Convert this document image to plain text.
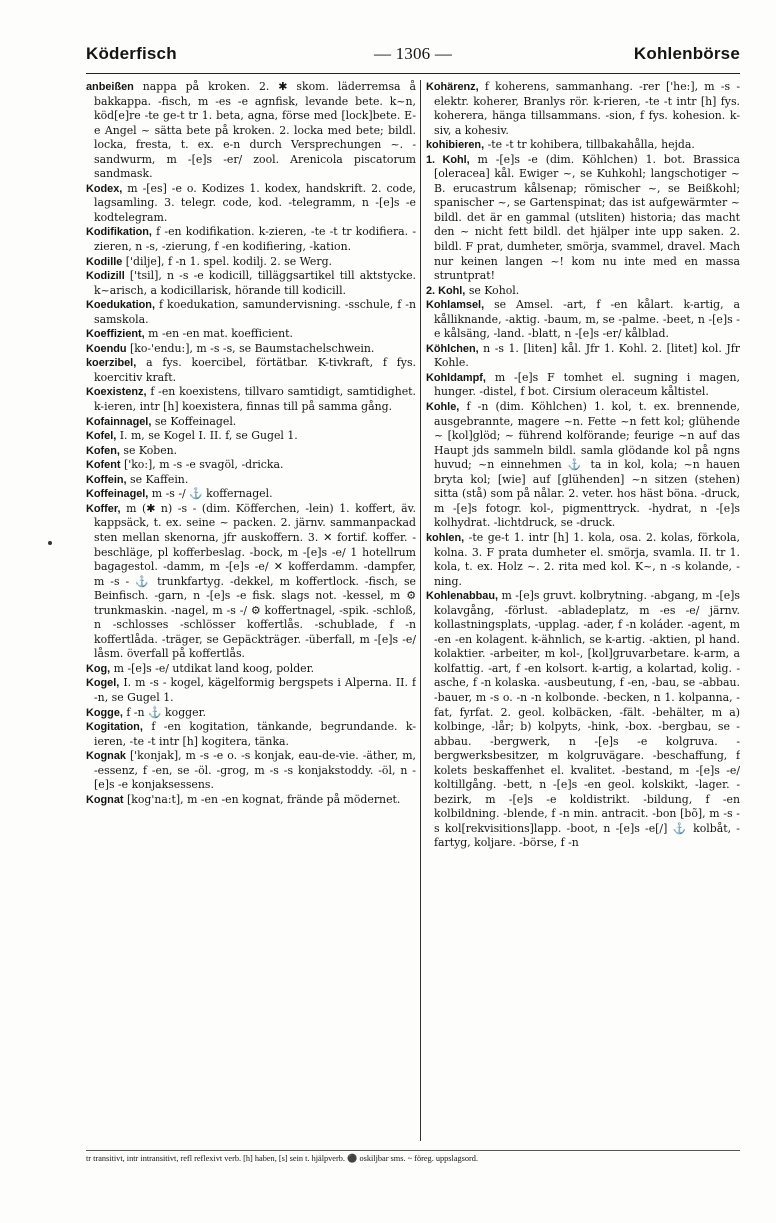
— 1306 —
Köderfisch	Kohlenbörse

anbeißen nappa på kroken. 2. ✱ skom. läderremsa å bakkappa. -fisch, m -es -e agnfisk, levande bete. k~n, köd[e]re -te ge-t tr 1. beta, agna, förse med [lock]bete. E-e Angel ~ sätta bete på kroken. 2. locka med bete; bildl. locka, fresta, t. ex. e-n durch Versprechungen ~. -sandwurm, m -[e]s -er/ zool. Arenicola piscatorum sandmask.

Kodex, m -[es] -e o. Kodizes 1. kodex, handskrift. 2. code, lagsamling. 3. telegr. code, kod. -telegramm, n -[e]s -e kodtelegram.

Kodifikation, f -en kodifikation. k-zieren, -te -t tr kodifiera. -zieren, n -s, -zierung, f -en kodifiering, -kation.

Kodille ['dilje], f -n 1. spel. kodilj. 2. se Werg.

Kodizill ['tsil], n -s -e kodicill, tilläggsartikel till aktstycke. k~arisch, a kodicillarisk, hörande till kodicill.

Koedukation, f koedukation, samundervisning. -sschule, f -n samskola.

Koeffizient, m -en -en mat. koefficient.

Koendu [ko-'endu:], m -s -s, se Baumstachelschwein.

koerzibel, a fys. koercibel, förtätbar. K-tivkraft, f fys. koercitiv kraft.

Koexistenz, f -en koexistens, tillvaro samtidigt, samtidighet. k-ieren, intr [h] koexistera, finnas till på samma gång.

Kofainnagel, se Koffeinagel.

Kofel, I. m, se Kogel I. II. f, se Gugel 1.

Kofen, se Koben.

Kofent ['ko:], m -s -e svagöl, -dricka.

Koffein, se Kaffein.

Koffeinagel, m -s -/ ⚓ koffernagel.

Koffer, m (✱ n) -s - (dim. Köfferchen, -lein) 1. koffert, äv. kappsäck, t. ex. seine ~ packen. 2. järnv. sammanpackad sten mellan skenorna, jfr auskoffern. 3. ✕ fortif. koffer. -beschläge, pl kofferbeslag. -bock, m -[e]s -e/ 1 hotellrum bagagestol. -damm, m -[e]s -e/ ✕ kofferdamm. -dampfer, m -s - ⚓ trunkfartyg. -dekkel, m koffertlock. -fisch, se Beinfisch. -garn, n -[e]s -e fisk. slags not. -kessel, m ⚙ trunkmaskin. -nagel, m -s -/ ⚙ koffertnagel, -spik. -schloß, n -schlosses -schlösser koffertlås. -schublade, f -n koffertlåda. -träger, se Gepäckträger. -überfall, m -[e]s -e/ låsm. överfall på koffertlås.

Kog, m -[e]s -e/ utdikat land koog, polder.

Kogel, I. m -s - kogel, kägelformig bergspets i Alperna. II. f -n, se Gugel 1.

Kogge, f -n ⚓ kogger.

Kogitation, f -en kogitation, tänkande, begrundande. k-ieren, -te -t intr [h] kogitera, tänka.

Kognak ['konjak], m -s -e o. -s konjak, eau-de-vie. -äther, m, -essenz, f -en, se -öl. -grog, m -s -s konjakstoddy. -öl, n -[e]s -e konjaksessens.

Kognat [kog'na:t], m -en -en kognat, frände på mödernet.

Kohärenz, f koherens, sammanhang. -rer ['he:], m -s - elektr. koherer, Branlys rör. k-rieren, -te -t intr [h] fys. koherera, hänga tillsammans. -sion, f fys. kohesion. k-siv, a kohesiv.

kohibieren, -te -t tr kohibera, tillbakahålla, hejda.

1. Kohl, m -[e]s -e (dim. Köhlchen) 1. bot. Brassica [oleracea] kål. Ewiger ~, se Kuhkohl; langschotiger ~ B. erucastrum kålsenap; römischer ~, se Beißkohl; spanischer ~, se Gartenspinat; das ist aufgewärmter ~ bildl. det är en gammal (utsliten) historia; das macht den ~ nicht fett bildl. det hjälper inte upp saken. 2. bildl. F prat, dumheter, smörja, svammel, dravel. Mach nur keinen langen ~! kom nu inte med en massa struntprat!

2. Kohl, se Kohol.

Kohlamsel, se Amsel. -art, f -en kålart. k-artig, a kålliknande, -aktig. -baum, m, se -palme. -beet, n -[e]s -e kålsäng, -land. -blatt, n -[e]s -er/ kålblad.

Köhlchen, n -s 1. [liten] kål. Jfr 1. Kohl. 2. [litet] kol. Jfr Kohle.

Kohldampf, m -[e]s F tomhet el. sugning i magen, hunger. -distel, f bot. Cirsium oleraceum kåltistel.

Kohle, f -n (dim. Köhlchen) 1. kol, t. ex. brennende, ausgebrannte, magere ~n. Fette ~n fett kol; glühende ~ [kol]glöd; ~ führend kolförande; feurige ~n auf das Haupt jds sammeln bildl. samla glödande kol på ngns huvud; ~n einnehmen ⚓ ta in kol, kola; ~n hauen bryta kol; [wie] auf [glühenden] ~n sitzen (stehen) sitta (stå) som på nålar. 2. veter. hos häst böna. -druck, m -[e]s fotogr. kol-, pigmenttryck. -hydrat, n -[e]s kolhydrat. -lichtdruck, se -druck.

kohlen, -te ge-t 1. intr [h] 1. kola, osa. 2. kolas, förkola, kolna. 3. F prata dumheter el. smörja, svamla. II. tr 1. kola, t. ex. Holz ~. 2. rita med kol. K~, n -s kolande, -ning.

Kohlenabbau, m -[e]s gruvt. kolbrytning. -abgang, m -[e]s kolavgång, -förlust. -abladeplatz, m -es -e/ järnv. kollastningsplats, -upplag. -ader, f -n koláder. -agent, m -en -en kolagent. k-ähnlich, se k-artig. -aktien, pl hand. kolaktier. -arbeiter, m kol-, [kol]gruvarbetare. k-arm, a kolfattig. -art, f -en kolsort. k-artig, a kolartad, kolig. -asche, f -n kolaska. -ausbeutung, f -en, -bau, se -abbau. -bauer, m -s o. -n -n kolbonde. -becken, n 1. kolpanna, -fat, fyrfat. 2. geol. kolbäcken, -fält. -behälter, m a) kolbinge, -lår; b) kolpyts, -hink, -box. -bergbau, se -abbau. -bergwerk, n -[e]s -e kolgruva. -bergwerksbesitzer, m kolgruvägare. -beschaffung, f kolets beskaffenhet el. kvalitet. -bestand, m -[e]s -e/ koltillgång. -bett, n -[e]s -en geol. kolskikt, -lager. -bezirk, m -[e]s -e koldistrikt. -bildung, f -en kolbildning. -blende, f -n min. antracit. -bon [bõ], m -s -s kol[rekvisitions]lapp. -boot, n -[e]s -e[/] ⚓ kolbåt, -fartyg, koljare. -börse, f -n

tr transitivt, intr intransitivt, refl reflexivt verb. [h] haben, [s] sein t. hjälpverb. ⚫ oskiljbar sms. ~ föreg. uppslagsord.
